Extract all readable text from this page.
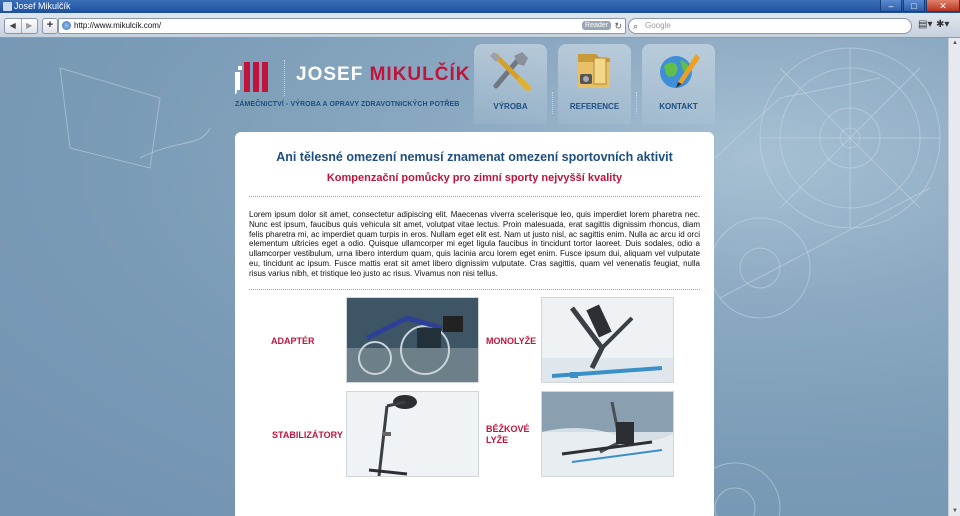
Josef Mikulčík	–	□	✕
◀	▶	+	http://www.mikulcik.com/	Reader ↻ ⌕ Google	▤▾ ✱▾
JOSEF MIKULČÍK
ZÁMEČNICTVÍ - VÝROBA A OPRAVY ZDRAVOTNICKÝCH POTŘEB	VÝROBA	REFERENCE	KONTAKT
Ani tělesné omezení nemusí znamenat omezení sportovních aktivit
Kompenzační pomůcky pro zimní sporty nejvyšší kvality
Lorem ipsum dolor sit amet, consectetur adipiscing elit. Maecenas viverra scelerisque leo, quis imperdiet lorem pharetra nec. Nunc est ipsum, faucibus quis vehicula sit amet, volutpat vitae lectus. Proin malesuada, erat sagittis dignissim rhoncus, diam felis pharetra mi, ac imperdiet quam turpis in eros. Nullam eget elit est. Nam ut justo nisl, ac sagittis enim. Nulla ac arcu id orci elementum ultricies eget a odio. Quisque ullamcorper mi eget ligula faucibus in tincidunt tortor laoreet. Duis sodales, odio a ullamcorper vestibulum, urna libero interdum quam, quis lacinia arcu lorem eget enim. Fusce ipsum dui, aliquam vel vulputate eu, tincidunt ac ipsum. Fusce mattis erat sit amet libero dignissim vulputate. Cras sagittis, quam vel venenatis feugiat, nulla risus varius nibh, et tristique leo justo ac risus. Vivamus non nisi tellus.
ADAPTÉR	MONOLYŽE
STABILIZÁTORY
BĚŽKOVÉ
LYŽE
▲
▼
